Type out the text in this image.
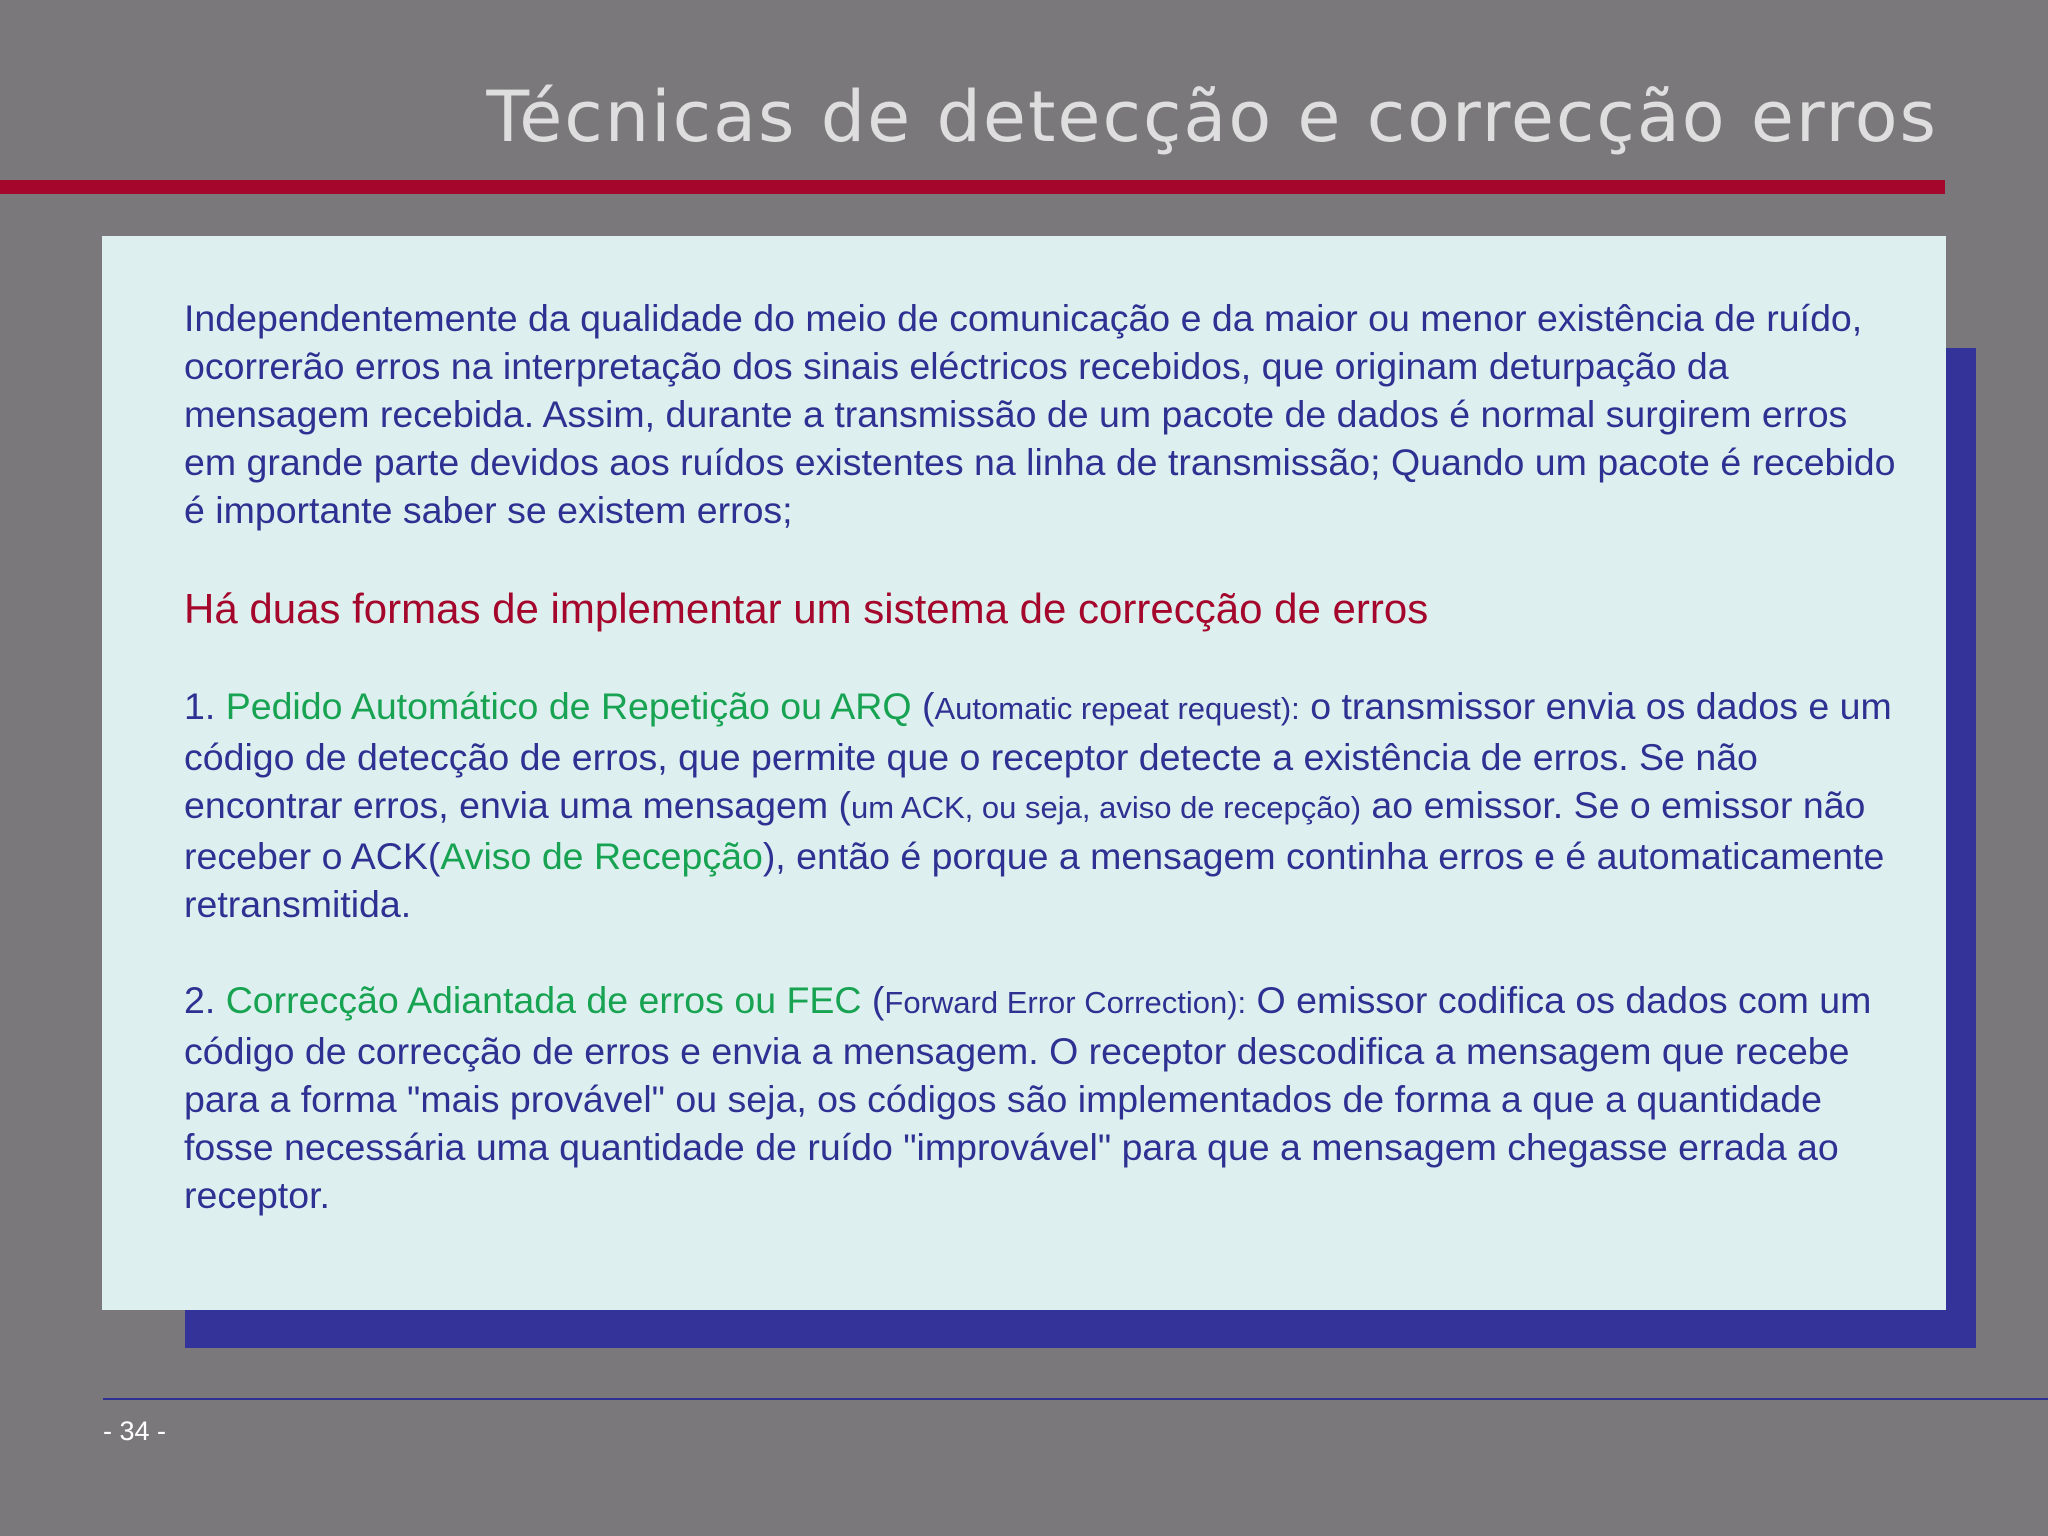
Técnicas de detecção e correcção erros

Independentemente da qualidade do meio de comunicação e da maior ou menor existência de ruído, ocorrerão erros na interpretação dos sinais eléctricos recebidos, que originam deturpação da mensagem recebida. Assim, durante a transmissão de um pacote de dados é normal surgirem erros em grande parte devidos aos ruídos existentes na linha de transmissão; Quando um pacote é recebido é importante saber se existem erros;

Há duas formas de implementar um sistema de correcção de erros

1. Pedido Automático de Repetição ou ARQ (Automatic repeat request): o transmissor envia os dados e um código de detecção de erros, que permite que o receptor detecte a existência de erros. Se não encontrar erros, envia uma mensagem (um ACK, ou seja, aviso de recepção) ao emissor. Se o emissor não receber o ACK(Aviso de Recepção), então é porque a mensagem continha erros e é automaticamente retransmitida.

2. Correcção Adiantada de erros ou FEC (Forward Error Correction): O emissor codifica os dados com um código de correcção de erros e envia a mensagem. O receptor descodifica a mensagem que recebe para a forma "mais provável" ou seja, os códigos são implementados de forma a que a quantidade fosse necessária uma quantidade de ruído "improvável" para que a mensagem chegasse errada ao receptor.

- 34 -
